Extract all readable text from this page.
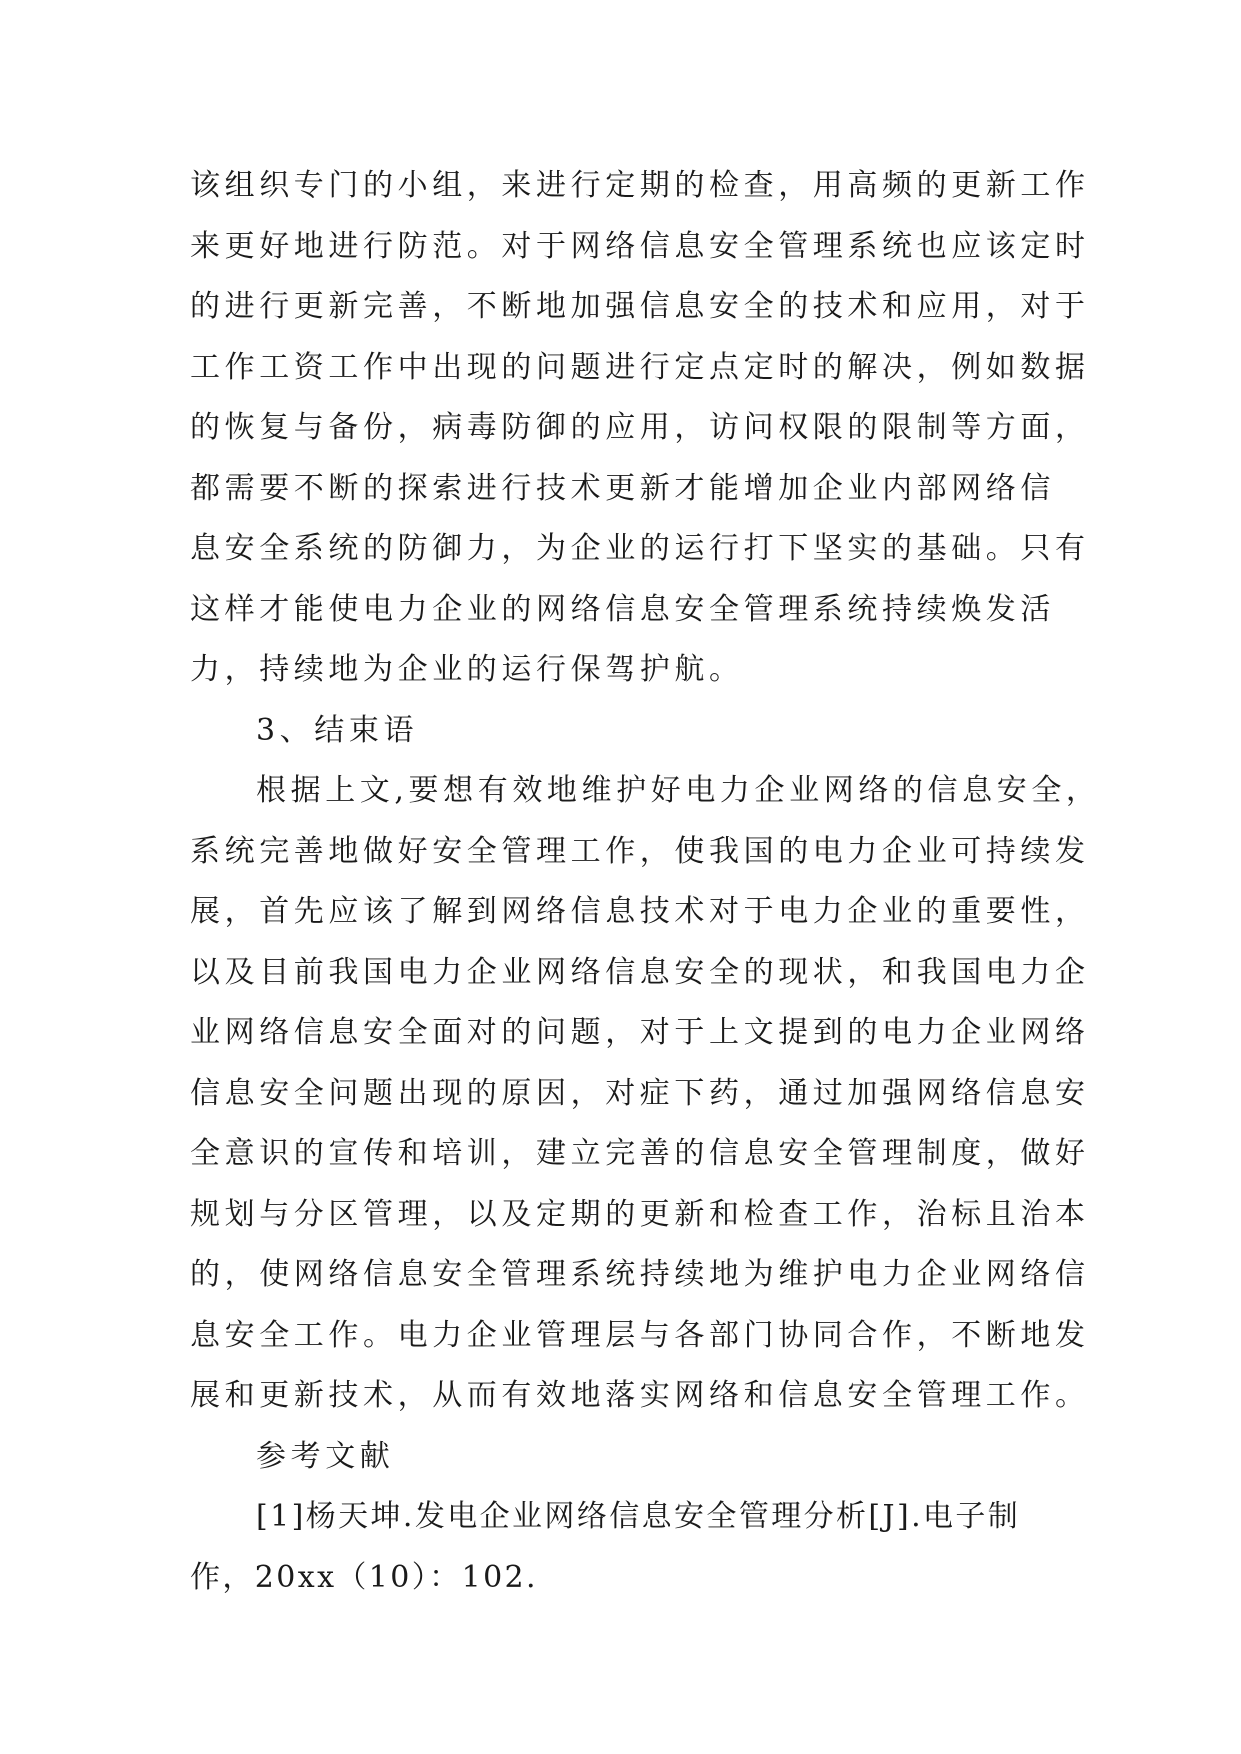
该组织专门的小组，来进行定期的检查，用高频的更新工作
来更好地进行防范。对于网络信息安全管理系统也应该定时
的进行更新完善，不断地加强信息安全的技术和应用，对于
工作工资工作中出现的问题进行定点定时的解决，例如数据
的恢复与备份，病毒防御的应用，访问权限的限制等方面，
都需要不断的探索进行技术更新才能增加企业内部网络信
息安全系统的防御力，为企业的运行打下坚实的基础。只有
这样才能使电力企业的网络信息安全管理系统持续焕发活
力，持续地为企业的运行保驾护航。
3、结束语
根据上文,要想有效地维护好电力企业网络的信息安全，
系统完善地做好安全管理工作，使我国的电力企业可持续发
展，首先应该了解到网络信息技术对于电力企业的重要性，
以及目前我国电力企业网络信息安全的现状，和我国电力企
业网络信息安全面对的问题，对于上文提到的电力企业网络
信息安全问题出现的原因，对症下药，通过加强网络信息安
全意识的宣传和培训，建立完善的信息安全管理制度，做好
规划与分区管理，以及定期的更新和检查工作，治标且治本
的，使网络信息安全管理系统持续地为维护电力企业网络信
息安全工作。电力企业管理层与各部门协同合作，不断地发
展和更新技术，从而有效地落实网络和信息安全管理工作。
参考文献
[1]杨天坤.发电企业网络信息安全管理分析[J].电子制
作，20xx（10）：102.
